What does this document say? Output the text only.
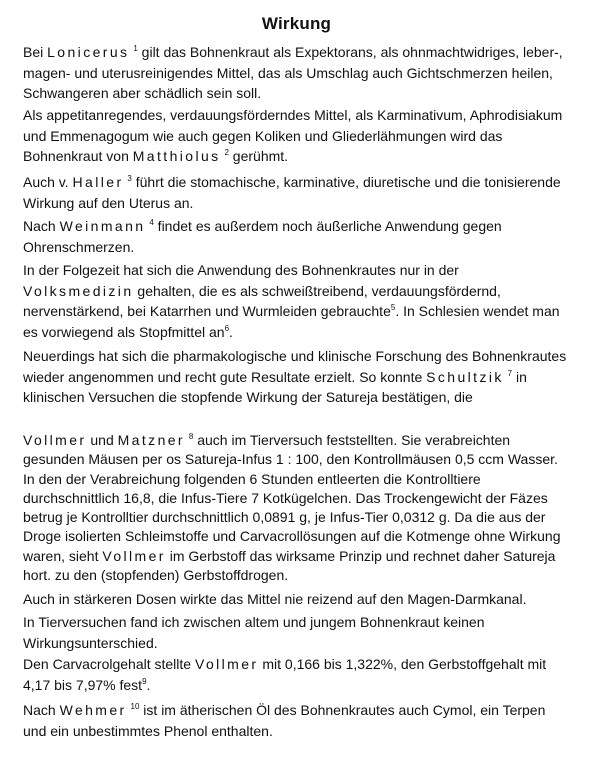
Wirkung

Bei Lonicerus $^1$ gilt das Bohnenkraut als Expektorans, als ohnmachtwidriges, leber-, magen- und uterusreinigendes Mittel, das als Umschlag auch Gichtschmerzen heilen, Schwangeren aber schädlich sein soll.

Als appetitanregendes, verdauungsförderndes Mittel, als Karminativum, Aphrodisiakum und Emmenagogum wie auch gegen Koliken und Gliederlähmungen wird das Bohnenkraut von Matthiolus $^2$ gerühmt.

Auch v. Haller $^3$ führt die stomachische, karminative, diuretische und die tonisierende Wirkung auf den Uterus an.

Nach Weinmann $^4$ findet es außerdem noch äußerliche Anwendung gegen Ohrenschmerzen.

In der Folgezeit hat sich die Anwendung des Bohnenkrautes nur in der Volksmedizin gehalten, die es als schweißtreibend, verdauungsfördernd, nervenstärkend, bei Katarrhen und Wurmleiden gebrauchte$^5$. In Schlesien wendet man es vorwiegend als Stopfmittel $an^6$.

Neuerdings hat sich die pharmakologische und klinische Forschung des Bohnenkrautes wieder angenommen und recht gute Resultate erzielt. So konnte Schultzik $^7$ in klinischen Versuchen die stopfende Wirkung der Satureja bestätigen, die

Vollmer und Matzner $^8$ auch im Tierversuch feststellten. Sie verabreichten gesunden Mäusen per os Satureja-Infus 1 : 100, den Kontrollmäusen 0,5 ccm Wasser. In den der Verabreichung folgenden 6 Stunden entleerten die Kontrolltiere durchschnittlich 16,8, die Infus-Tiere 7 Kotkügelchen. Das Trockengewicht der Fäzes betrug je Kontrolltier durchschnittlich 0,0891 g, je Infus-Tier 0,0312 g. Da die aus der Droge isolierten Schleimstoffe und Carvacrollösungen auf die Kotmenge ohne Wirkung waren, sieht Vollmer im Gerbstoff das wirksame Prinzip und rechnet daher Satureja hort. zu den (stopfenden) Gerbstoffdrogen.

Auch in stärkeren Dosen wirkte das Mittel nie reizend auf den Magen-Darmkanal.

In Tierversuchen fand ich zwischen altem und jungem Bohnenkraut keinen Wirkungsunterschied.

Den Carvacrolgehalt stellte Vollmer mit 0,166 bis 1,322%, den Gerbstoffgehalt mit 4,17 bis 7,97% fest$^9$.

Nach Wehmer $^{10}$ ist im ätherischen Öl des Bohnenkrautes auch Cymol, ein Terpen und ein unbestimmtes Phenol enthalten.
